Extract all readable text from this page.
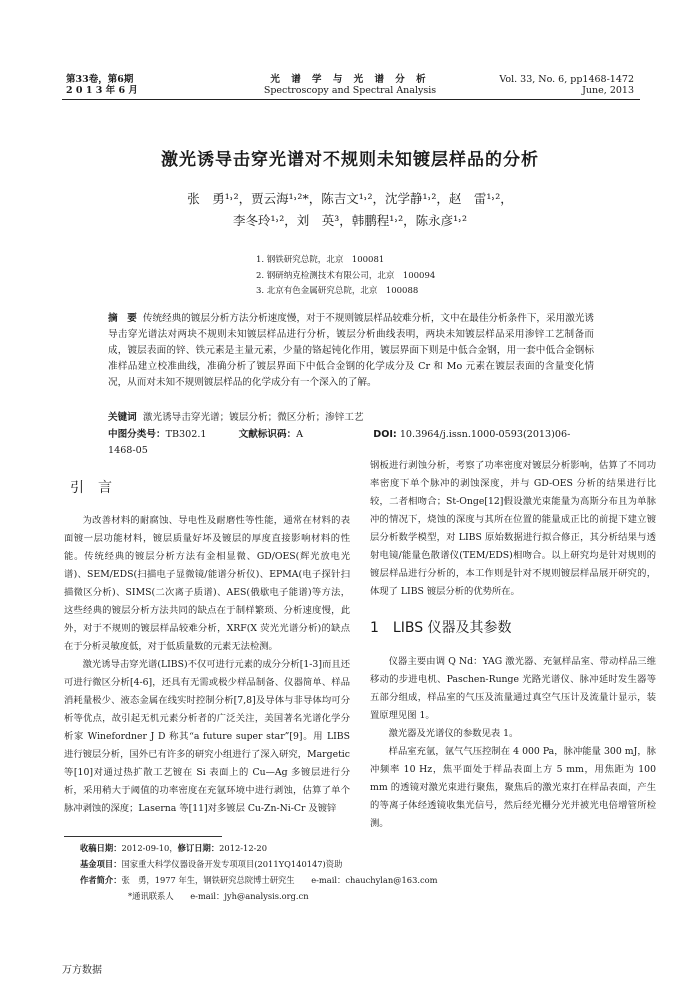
第33卷，第6期
2 0 1 3 年 6 月
光 谱 学 与 光 谱 分 析
Spectroscopy and Spectral Analysis
Vol. 33, No. 6, pp1468-1472
June, 2013
激光诱导击穿光谱对不规则未知镀层样品的分析
张　勇¹˒²，贾云海¹˒²*，陈吉文¹˒²，沈学静¹˒²，赵　雷¹˒²，
李冬玲¹˒²，刘　英³，韩鹏程¹˒²，陈永彦¹˒²
1. 钢铁研究总院，北京　100081
2. 钢研纳克检测技术有限公司，北京　100094
3. 北京有色金属研究总院，北京　100088
摘　要 传统经典的镀层分析方法分析速度慢，对于不规则镀层样品较难分析，文中在最佳分析条件下，采用激光诱导击穿光谱法对两块不规则未知镀层样品进行分析，镀层分析曲线表明，两块未知镀层样品采用渗锌工艺制备而成，镀层表面的锌、铁元素是主量元素，少量的铬起钝化作用，镀层界面下则是中低合金钢，用一套中低合金钢标准样品建立校准曲线，准确分析了镀层界面下中低合金钢的化学成分及 Cr 和 Mo 元素在镀层表面的含量变化情况，从而对未知不规则镀层样品的化学成分有一个深入的了解。
关键词 激光诱导击穿光谱；镀层分析；微区分析；渗锌工艺
中图分类号：TB302.1	文献标识码：A	DOI: 10.3964/j.issn.1000-0593(2013)06-1468-05
引　言

为改善材料的耐腐蚀、导电性及耐磨性等性能，通常在材料的表面镀一层功能材料，镀层质量好坏及镀层的厚度直接影响材料的性能。传统经典的镀层分析方法有金相显微、GD/OES(辉光放电光谱)、SEM/EDS(扫描电子显微镜/能谱分析仪)、EPMA(电子探针扫描微区分析)、SIMS(二次离子质谱)、AES(俄歇电子能谱)等方法，这些经典的镀层分析方法共同的缺点在于制样繁琐、分析速度慢，此外，对于不规则的镀层样品较难分析，XRF(X 荧光光谱分析)的缺点在于分析灵敏度低，对于低质量数的元素无法检测。

激光诱导击穿光谱(LIBS)不仅可进行元素的成分分析[1-3]而且还可进行微区分析[4-6]，还具有无需或极少样品制备、仪器简单、样品消耗量极少、液态金属在线实时控制分析[7,8]及导体与非导体均可分析等优点，故引起无机元素分析者的广泛关注，美国著名光谱化学分析家 Winefordner J D 称其“a future super star”[9]。用 LIBS 进行镀层分析，国外已有许多的研究小组进行了深入研究，Margetic 等[10]对通过热扩散工艺镀在 Si 表面上的 Cu—Ag 多镀层进行分析，采用稍大于阈值的功率密度在充氩环境中进行剥蚀，估算了单个脉冲剥蚀的深度；Laserna 等[11]对多镀层 Cu-Zn-Ni-Cr 及镀锌

钢板进行剥蚀分析，考察了功率密度对镀层分析影响，估算了不同功率密度下单个脉冲的剥蚀深度，并与 GD-OES 分析的结果进行比较，二者相吻合；St-Onge[12]假设激光束能量为高斯分布且为单脉冲的情况下，烧蚀的深度与其所在位置的能量成正比的前提下建立镀层分析数学模型，对 LIBS 原始数据进行拟合修正，其分析结果与透射电镜/能量色散谱仪(TEM/EDS)相吻合。以上研究均是针对规则的镀层样品进行分析的，本工作则是针对不规则镀层样品展开研究的，体现了 LIBS 镀层分析的优势所在。

1　LIBS 仪器及其参数

仪器主要由调 Q Nd：YAG 激光器、充氩样品室、带动样品三维移动的步进电机、Paschen-Runge 光路光谱仪、脉冲延时发生器等五部分组成，样品室的气压及流量通过真空气压计及流量计显示，装置原理见图 1。

激光器及光谱仪的参数见表 1。

样品室充氩，氩气气压控制在 4 000 Pa，脉冲能量 300 mJ，脉冲频率 10 Hz，焦平面处于样品表面上方 5 mm，用焦距为 100 mm 的透镜对激光束进行聚焦，聚焦后的激光束打在样品表面，产生的等离子体经透镜收集光信号，然后经光栅分光并被光电倍增管所检测。

收稿日期：2012-09-10，修订日期：2012-12-20
基金项目：国家重大科学仪器设备开发专项项目(2011YQ140147)资助
作者简介：张　勇，1977 年生，钢铁研究总院博士研究生　　e-mail：chauchylan@163.com
*通讯联系人　　e-mail：jyh@analysis.org.cn
万方数据
